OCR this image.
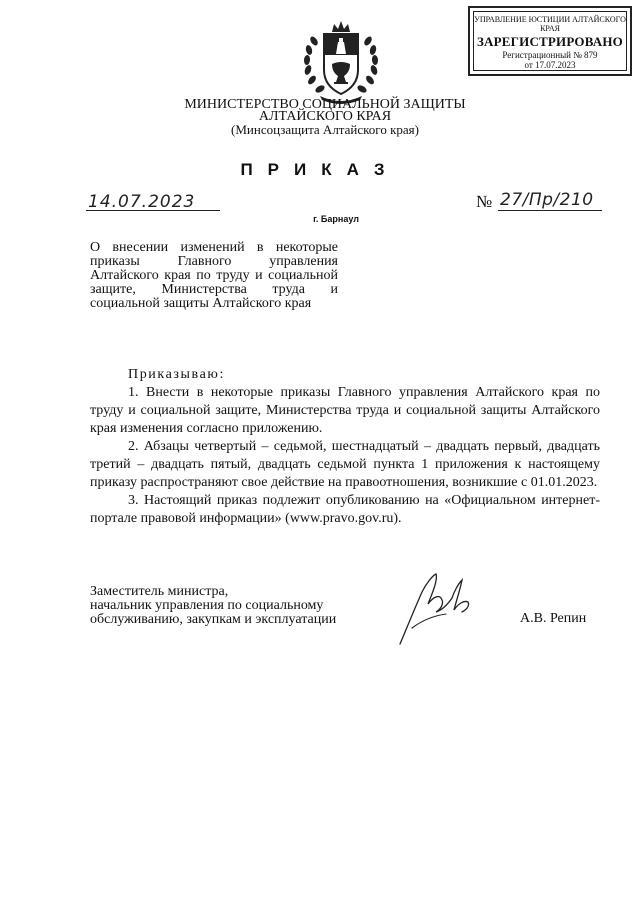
УПРАВЛЕНИЕ ЮСТИЦИИ АЛТАЙСКОГО КРАЯ
ЗАРЕГИСТРИРОВАНО
Регистрационный № 879
от 17.07.2023
МИНИСТЕРСТВО СОЦИАЛЬНОЙ ЗАЩИТЫ
АЛТАЙСКОГО КРАЯ
(Минсоцзащита Алтайского края)
ПРИКАЗ
14.07.2023
г. Барнаул
№ 27/Пр/210
О внесении изменений в некоторые приказы Главного управления Алтайского края по труду и социальной защите, Министерства труда и социальной защиты Алтайского края

Приказываю:

1. Внести в некоторые приказы Главного управления Алтайского края по труду и социальной защите, Министерства труда и социальной защиты Алтайского края изменения согласно приложению.

2. Абзацы четвертый – седьмой, шестнадцатый – двадцать первый, двадцать третий – двадцать пятый, двадцать седьмой пункта 1 приложения к настоящему приказу распространяют свое действие на правоотношения, возникшие с 01.01.2023.

3. Настоящий приказ подлежит опубликованию на «Официальном интернет-портале правовой информации» (www.pravo.gov.ru).

Заместитель министра,
начальник управления по социальному
обслуживанию, закупкам и эксплуатации	А.В. Репин
